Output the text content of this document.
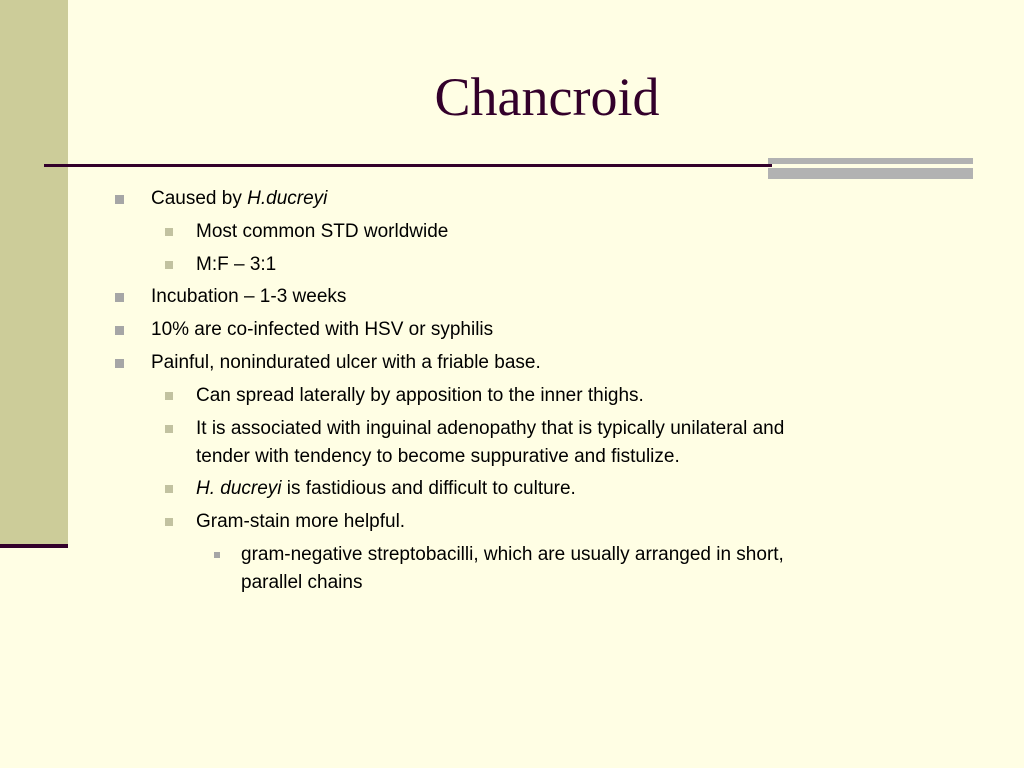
Chancroid
Caused by H.ducreyi
Most common STD worldwide
M:F – 3:1
Incubation – 1-3 weeks
10% are co-infected with HSV or syphilis
Painful, nonindurated ulcer with a friable base.
Can spread laterally by apposition to the inner thighs.
It is associated with inguinal adenopathy that is typically unilateral and
tender with tendency to become suppurative and fistulize.
H. ducreyi is fastidious and difficult to culture.
Gram-stain more helpful.
gram-negative streptobacilli, which are usually arranged in short,
parallel chains
